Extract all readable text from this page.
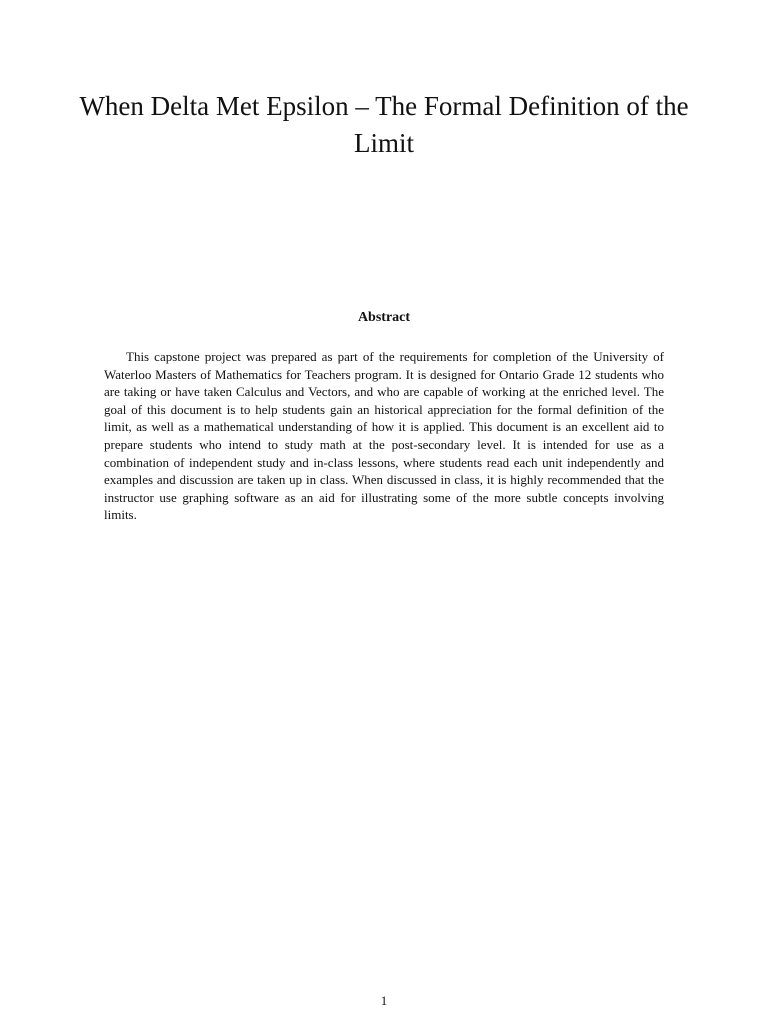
When Delta Met Epsilon – The Formal Definition of the Limit
Abstract

This capstone project was prepared as part of the requirements for completion of the University of Waterloo Masters of Mathematics for Teachers program. It is designed for Ontario Grade 12 students who are taking or have taken Calculus and Vectors, and who are capable of working at the enriched level. The goal of this document is to help students gain an historical appreciation for the formal definition of the limit, as well as a mathematical understanding of how it is applied. This document is an excellent aid to prepare students who intend to study math at the post-secondary level. It is intended for use as a combination of independent study and in-class lessons, where students read each unit independently and examples and discussion are taken up in class. When discussed in class, it is highly recommended that the instructor use graphing software as an aid for illustrating some of the more subtle concepts involving limits.

1
